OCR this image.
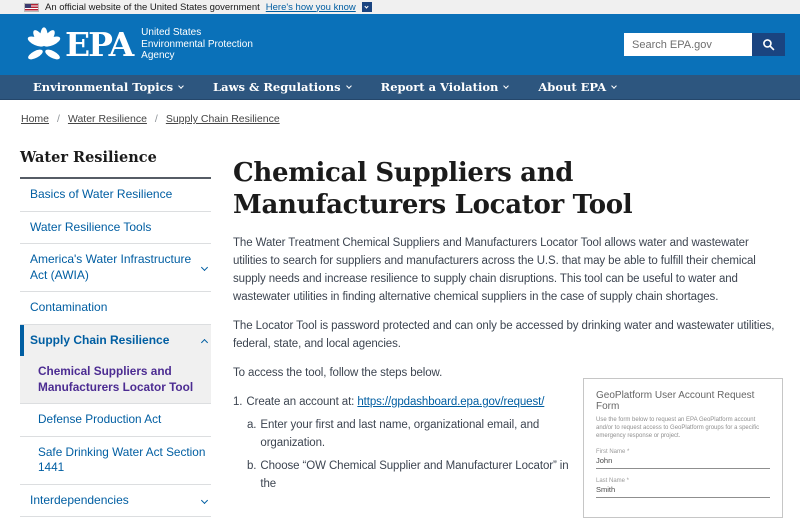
An official website of the United States government Here's how you know
EPA United States
Environmental Protection
Agency
Search EPA.gov
Environmental Topics	Laws & Regulations	Report a Violation	About EPA
Home / Water Resilience / Supply Chain Resilience
Water Resilience
Basics of Water Resilience
Water Resilience Tools
America's Water Infrastructure Act (AWIA)
Contamination
Supply Chain Resilience
Chemical Suppliers and Manufacturers Locator Tool
Defense Production Act
Safe Drinking Water Act Section 1441
Interdependencies
Chemical Suppliers and Manufacturers Locator Tool

The Water Treatment Chemical Suppliers and Manufacturers Locator Tool allows water and wastewater utilities to search for suppliers and manufacturers across the U.S. that may be able to fulfill their chemical supply needs and increase resilience to supply chain disruptions. This tool can be useful to water and wastewater utilities in finding alternative chemical suppliers in the case of supply chain shortages.

The Locator Tool is password protected and can only be accessed by drinking water and wastewater utilities, federal, state, and local agencies.

To access the tool, follow the steps below.

1. Create an account at: https://gpdashboard.epa.gov/request/
a. Enter your first and last name, organizational email, and organization.
b. Choose “OW Chemical Supplier and Manufacturer Locator” in the
GeoPlatform User Account Request Form
Use the form below to request an EPA GeoPlatform account and/or to request access to GeoPlatform groups for a specific emergency response or project.
First Name *
John
Last Name *
Smith
